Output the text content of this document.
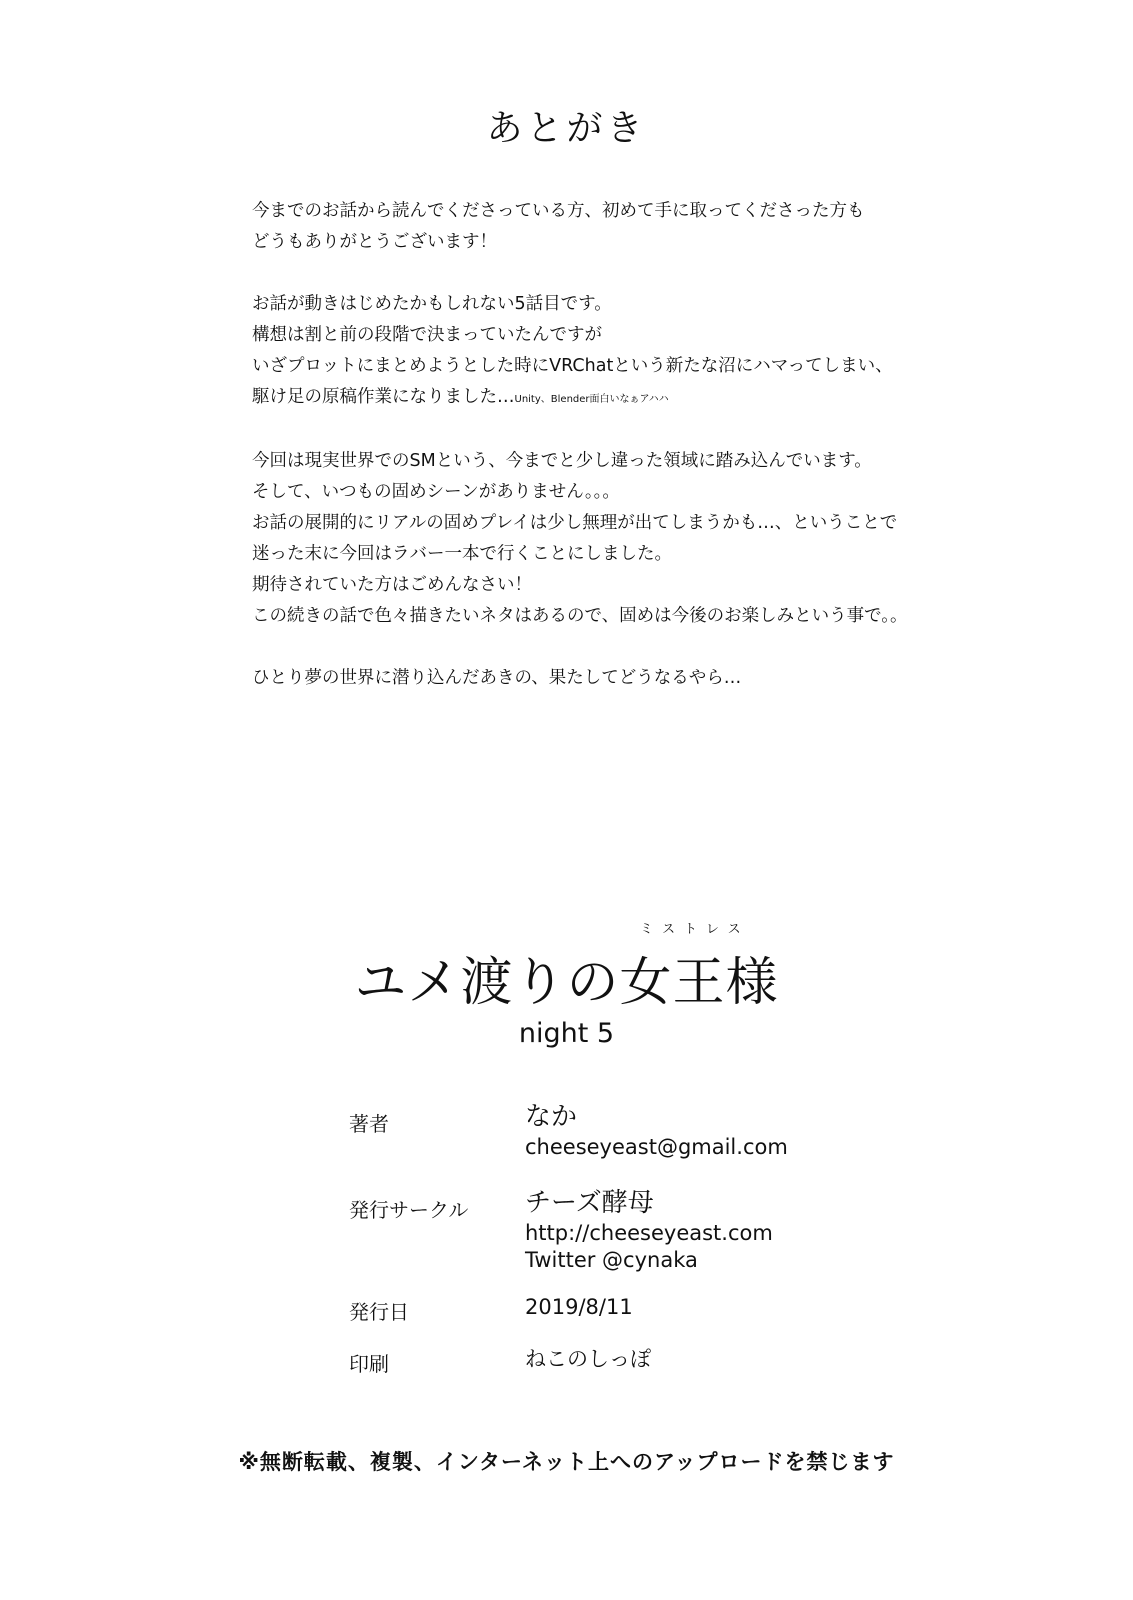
あとがき

今までのお話から読んでくださっている方、初めて手に取ってくださった方も
どうもありがとうございます！

お話が動きはじめたかもしれない5話目です。
構想は割と前の段階で決まっていたんですが
いざプロットにまとめようとした時にVRChatという新たな沼にハマってしまい、
駆け足の原稿作業になりました…Unity、Blender面白いなぁアハハ

今回は現実世界でのSMという、今までと少し違った領域に踏み込んでいます。
そして、いつもの固めシーンがありません。。。
お話の展開的にリアルの固めプレイは少し無理が出てしまうかも…、ということで
迷った末に今回はラバー一本で行くことにしました。
期待されていた方はごめんなさい！
この続きの話で色々描きたいネタはあるので、固めは今後のお楽しみという事で。。

ひとり夢の世界に潜り込んだあきの、果たしてどうなるやら…

ミストレス
ユメ渡りの女王様
night 5
著者	なか
cheeseyeast@gmail.com
発行サークル チーズ酵母
http://cheeseyeast.com
Twitter @cynaka
発行日	2019/8/11
印刷	ねこのしっぽ
※無断転載、複製、インターネット上へのアップロードを禁じます
